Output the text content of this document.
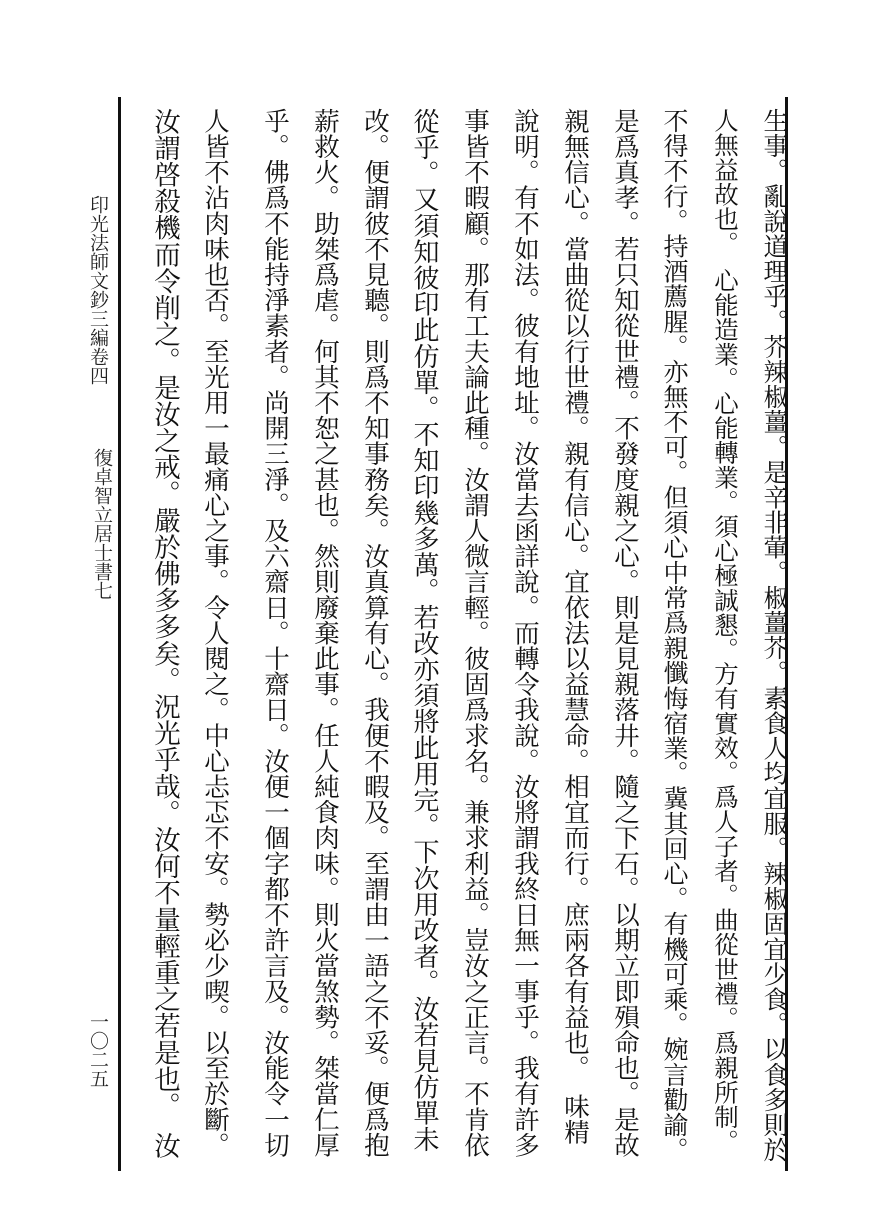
印光法師文鈔三編卷四
一〇二五
復卓智立居士書七	生事。亂說道理乎。芥辣椒薑。是辛非葷。椒薑芥。素食人均宜服。辣椒固宜少食。以食多則於
人無益故也。　心能造業。心能轉業。須心極誠懇。方有實效。爲人子者。曲從世禮。爲親所制。
不得不行。持酒薦腥。亦無不可。但須心中常爲親懺悔宿業。冀其回心。有機可乘。婉言勸諭。
是爲真孝。若只知從世禮。不發度親之心。則是見親落井。隨之下石。以期立即殞命也。是故
親無信心。當曲從以行世禮。親有信心。宜依法以益慧命。相宜而行。庶兩各有益也。　味精
說明。有不如法。彼有地址。汝當去函詳說。而轉令我說。汝將謂我終日無一事乎。我有許多
事皆不暇顧。那有工夫論此種。汝謂人微言輕。彼固爲求名。兼求利益。豈汝之正言。不肯依
從乎。又須知彼印此仿單。不知印幾多萬。若改亦須將此用完。下次用改者。汝若見仿單未
改。便謂彼不見聽。則爲不知事務矣。汝真算有心。我便不暇及。至謂由一語之不妥。便爲抱
薪救火。助桀爲虐。何其不恕之甚也。然則廢棄此事。任人純食肉味。則火當煞勢。桀當仁厚
乎。佛爲不能持淨素者。尚開三淨。及六齋日。十齋日。汝便一個字都不許言及。汝能令一切
人皆不沾肉味也否。至光用一最痛心之事。令人閱之。中心忐忑不安。勢必少喫。以至於斷。
汝謂啓殺機而令削之。是汝之戒。嚴於佛多多矣。況光乎哉。汝何不量輕重之若是也。　汝
